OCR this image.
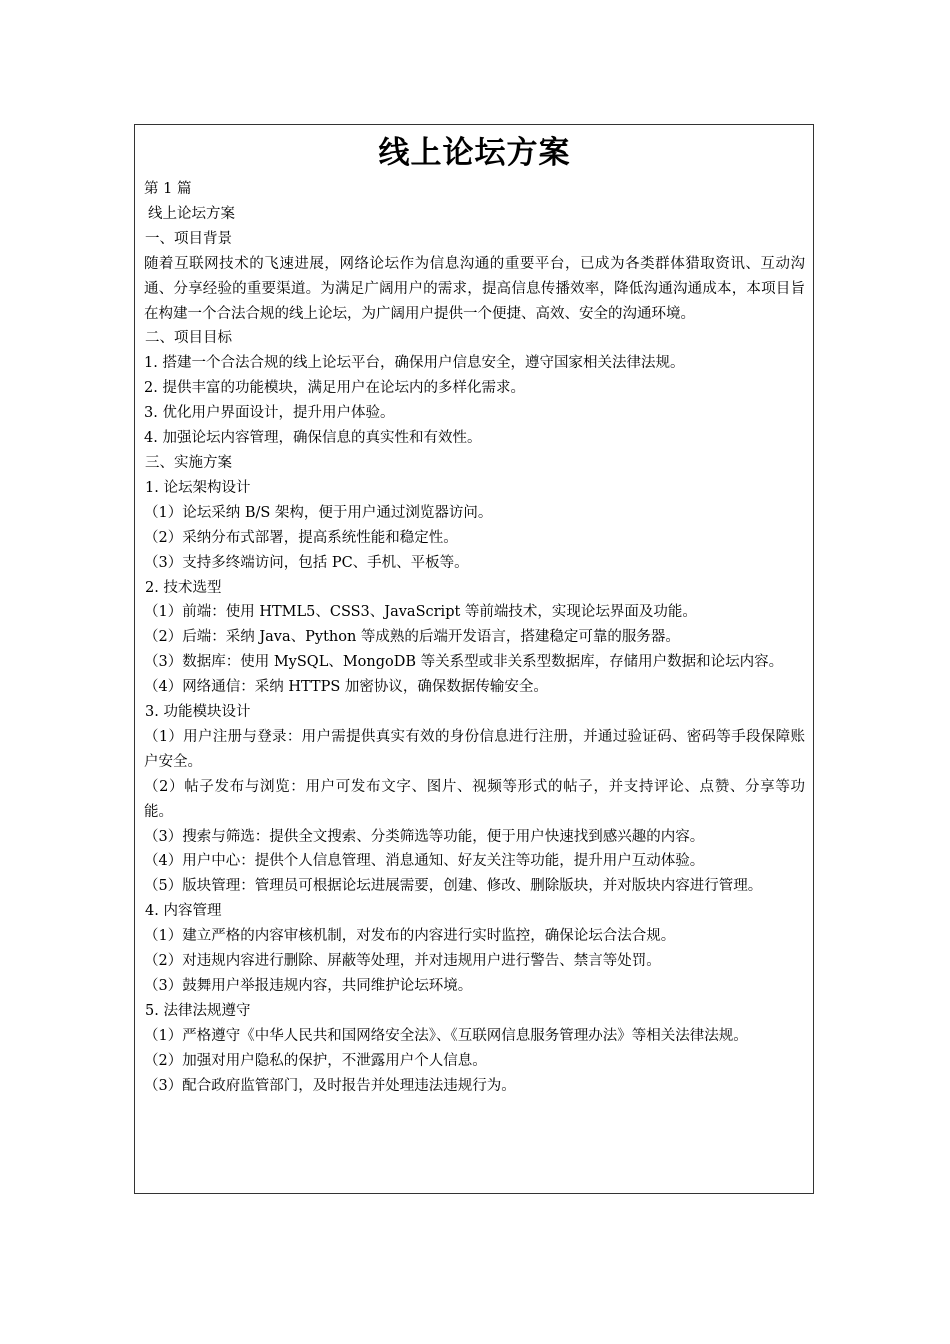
线上论坛方案
第 1 篇
线上论坛方案
一、项目背景
随着互联网技术的飞速进展，网络论坛作为信息沟通的重要平台，已成为各类群体猎取资讯、互动沟通、分享经验的重要渠道。为满足广阔用户的需求，提高信息传播效率，降低沟通沟通成本，本项目旨在构建一个合法合规的线上论坛，为广阔用户提供一个便捷、高效、安全的沟通环境。
二、项目目标
1. 搭建一个合法合规的线上论坛平台，确保用户信息安全，遵守国家相关法律法规。
2. 提供丰富的功能模块，满足用户在论坛内的多样化需求。
3. 优化用户界面设计，提升用户体验。
4. 加强论坛内容管理，确保信息的真实性和有效性。
三、实施方案
1. 论坛架构设计
（1）论坛采纳 B/S 架构，便于用户通过浏览器访问。
（2）采纳分布式部署，提高系统性能和稳定性。
（3）支持多终端访问，包括 PC、手机、平板等。
2. 技术选型
（1）前端：使用 HTML5、CSS3、JavaScript 等前端技术，实现论坛界面及功能。
（2）后端：采纳 Java、Python 等成熟的后端开发语言，搭建稳定可靠的服务器。
（3）数据库：使用 MySQL、MongoDB 等关系型或非关系型数据库，存储用户数据和论坛内容。
（4）网络通信：采纳 HTTPS 加密协议，确保数据传输安全。
3. 功能模块设计
（1）用户注册与登录：用户需提供真实有效的身份信息进行注册，并通过验证码、密码等手段保障账户安全。
（2）帖子发布与浏览：用户可发布文字、图片、视频等形式的帖子，并支持评论、点赞、分享等功能。
（3）搜索与筛选：提供全文搜索、分类筛选等功能，便于用户快速找到感兴趣的内容。
（4）用户中心：提供个人信息管理、消息通知、好友关注等功能，提升用户互动体验。
（5）版块管理：管理员可根据论坛进展需要，创建、修改、删除版块，并对版块内容进行管理。
4. 内容管理
（1）建立严格的内容审核机制，对发布的内容进行实时监控，确保论坛合法合规。
（2）对违规内容进行删除、屏蔽等处理，并对违规用户进行警告、禁言等处罚。
（3）鼓舞用户举报违规内容，共同维护论坛环境。
5. 法律法规遵守
（1）严格遵守《中华人民共和国网络安全法》、《互联网信息服务管理办法》等相关法律法规。
（2）加强对用户隐私的保护，不泄露用户个人信息。
（3）配合政府监管部门，及时报告并处理违法违规行为。
